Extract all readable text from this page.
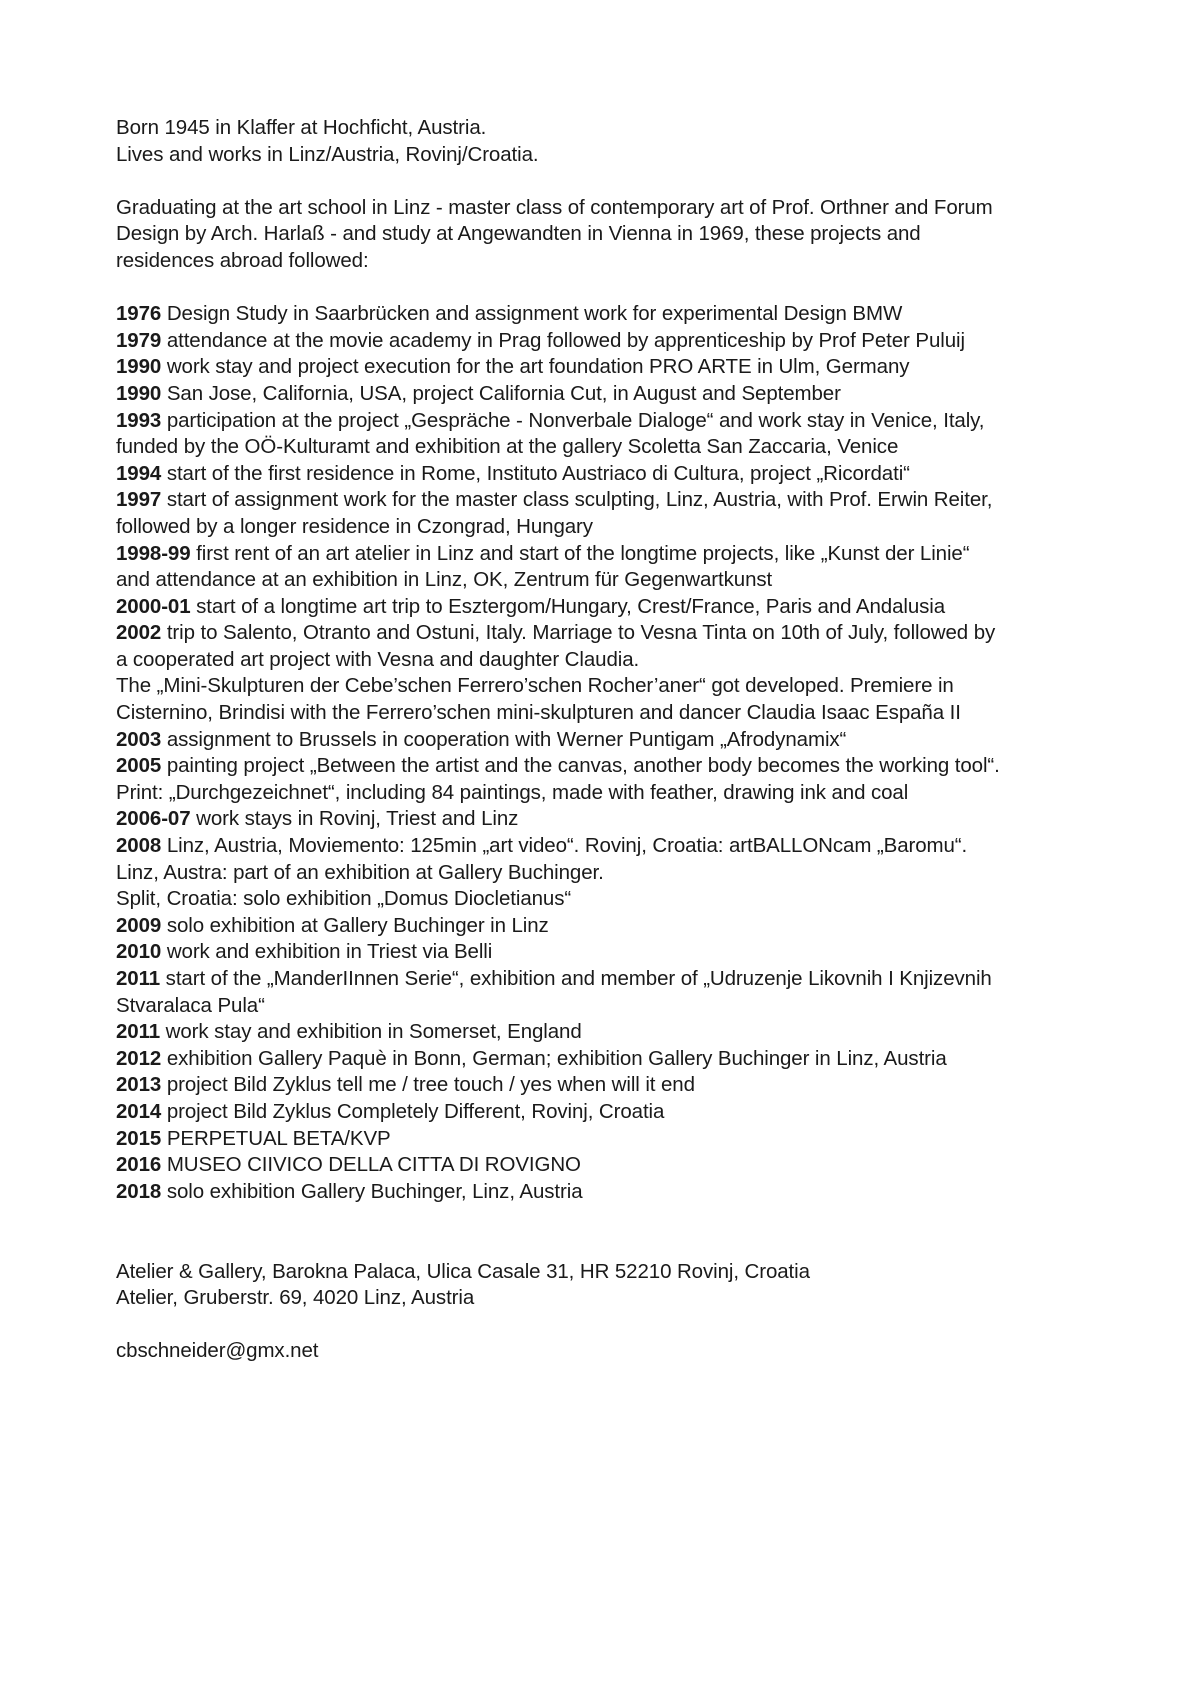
Born 1945 in Klaffer at Hochficht, Austria.
Lives and works in Linz/Austria, Rovinj/Croatia.
Graduating at the art school in Linz - master class of contemporary art of Prof. Orthner and Forum
Design by Arch. Harlaß - and study at Angewandten in Vienna in 1969, these projects and
residences abroad followed:
1976 Design Study in Saarbrücken and assignment work for experimental Design BMW
1979 attendance at the movie academy in Prag followed by apprenticeship by Prof Peter Puluij
1990 work stay and project execution for the art foundation PRO ARTE in Ulm, Germany
1990 San Jose, California, USA, project California Cut, in August and September
1993 participation at the project „Gespräche - Nonverbale Dialoge“ and work stay in Venice, Italy,
funded by the OÖ-Kulturamt and exhibition at the gallery Scoletta San Zaccaria, Venice
1994 start of the first residence in Rome, Instituto Austriaco di Cultura, project „Ricordati“
1997 start of assignment work for the master class sculpting, Linz, Austria, with Prof. Erwin Reiter,
followed by a longer residence in Czongrad, Hungary
1998-99 first rent of an art atelier in Linz and start of the longtime projects, like „Kunst der Linie“
and attendance at an exhibition in Linz, OK, Zentrum für Gegenwartkunst
2000-01 start of a longtime art trip to Esztergom/Hungary, Crest/France, Paris and Andalusia
2002 trip to Salento, Otranto and Ostuni, Italy. Marriage to Vesna Tinta on 10th of July, followed by
a cooperated art project with Vesna and daughter Claudia.
The „Mini-Skulpturen der Cebe’schen Ferrero’schen Rocher’aner“ got developed. Premiere in
Cisternino, Brindisi with the Ferrero’schen mini-skulpturen and dancer Claudia Isaac España II
2003 assignment to Brussels in cooperation with Werner Puntigam „Afrodynamix“
2005 painting project „Between the artist and the canvas, another body becomes the working tool“.
Print: „Durchgezeichnet“, including 84 paintings, made with feather, drawing ink and coal
2006-07 work stays in Rovinj, Triest and Linz
2008 Linz, Austria, Moviemento: 125min „art video“. Rovinj, Croatia: artBALLONcam „Baromu“.
Linz, Austra: part of an exhibition at Gallery Buchinger.
Split, Croatia: solo exhibition „Domus Diocletianus“
2009 solo exhibition at Gallery Buchinger in Linz
2010 work and exhibition in Triest via Belli
2011 start of the „ManderIInnen Serie“, exhibition and member of „Udruzenje Likovnih I Knjizevnih
Stvaralaca Pula“
2011 work stay and exhibition in Somerset, England
2012 exhibition Gallery Paquè in Bonn, German; exhibition Gallery Buchinger in Linz, Austria
2013 project Bild Zyklus tell me / tree touch / yes when will it end
2014 project Bild Zyklus Completely Different, Rovinj, Croatia
2015 PERPETUAL BETA/KVP
2016 MUSEO CIIVICO DELLA CITTA DI ROVIGNO
2018 solo exhibition Gallery Buchinger, Linz, Austria
Atelier & Gallery, Barokna Palaca, Ulica Casale 31, HR 52210 Rovinj, Croatia
Atelier, Gruberstr. 69, 4020 Linz, Austria
cbschneider@gmx.net
